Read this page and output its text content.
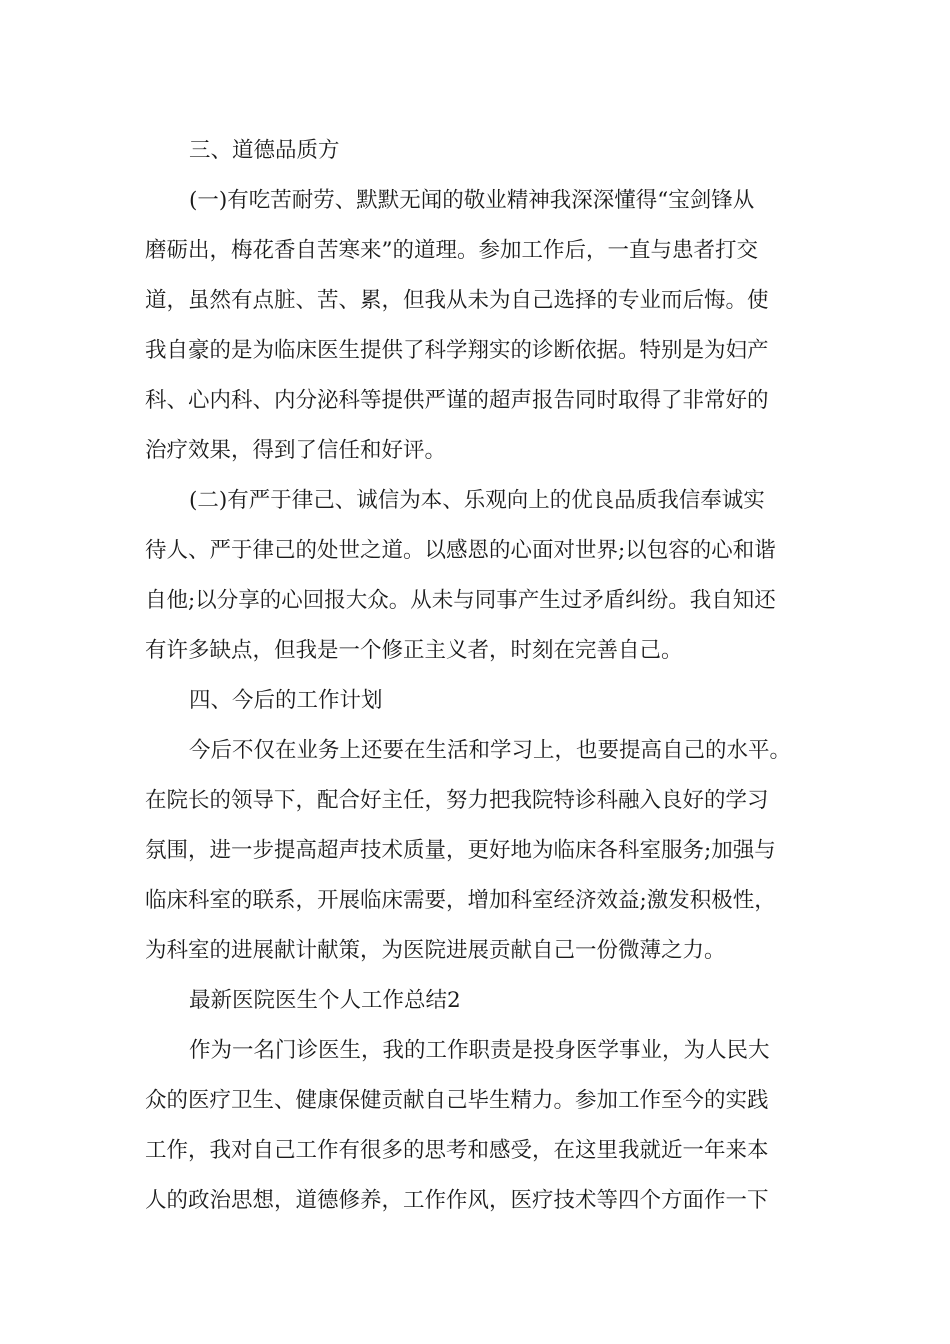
三、道德品质方
(一)有吃苦耐劳、默默无闻的敬业精神我深深懂得“宝剑锋从
磨砺出，梅花香自苦寒来”的道理。参加工作后，一直与患者打交
道，虽然有点脏、苦、累，但我从未为自己选择的专业而后悔。使
我自豪的是为临床医生提供了科学翔实的诊断依据。特别是为妇产
科、心内科、内分泌科等提供严谨的超声报告同时取得了非常好的
治疗效果，得到了信任和好评。
(二)有严于律己、诚信为本、乐观向上的优良品质我信奉诚实
待人、严于律己的处世之道。以感恩的心面对世界;以包容的心和谐
自他;以分享的心回报大众。从未与同事产生过矛盾纠纷。我自知还
有许多缺点，但我是一个修正主义者，时刻在完善自己。
四、今后的工作计划
今后不仅在业务上还要在生活和学习上，也要提高自己的水平。
在院长的领导下，配合好主任，努力把我院特诊科融入良好的学习
氛围，进一步提高超声技术质量，更好地为临床各科室服务;加强与
临床科室的联系，开展临床需要，增加科室经济效益;激发积极性，
为科室的进展献计献策，为医院进展贡献自己一份微薄之力。
最新医院医生个人工作总结2
作为一名门诊医生，我的工作职责是投身医学事业，为人民大
众的医疗卫生、健康保健贡献自己毕生精力。参加工作至今的实践
工作，我对自己工作有很多的思考和感受，在这里我就近一年来本
人的政治思想，道德修养，工作作风，医疗技术等四个方面作一下
